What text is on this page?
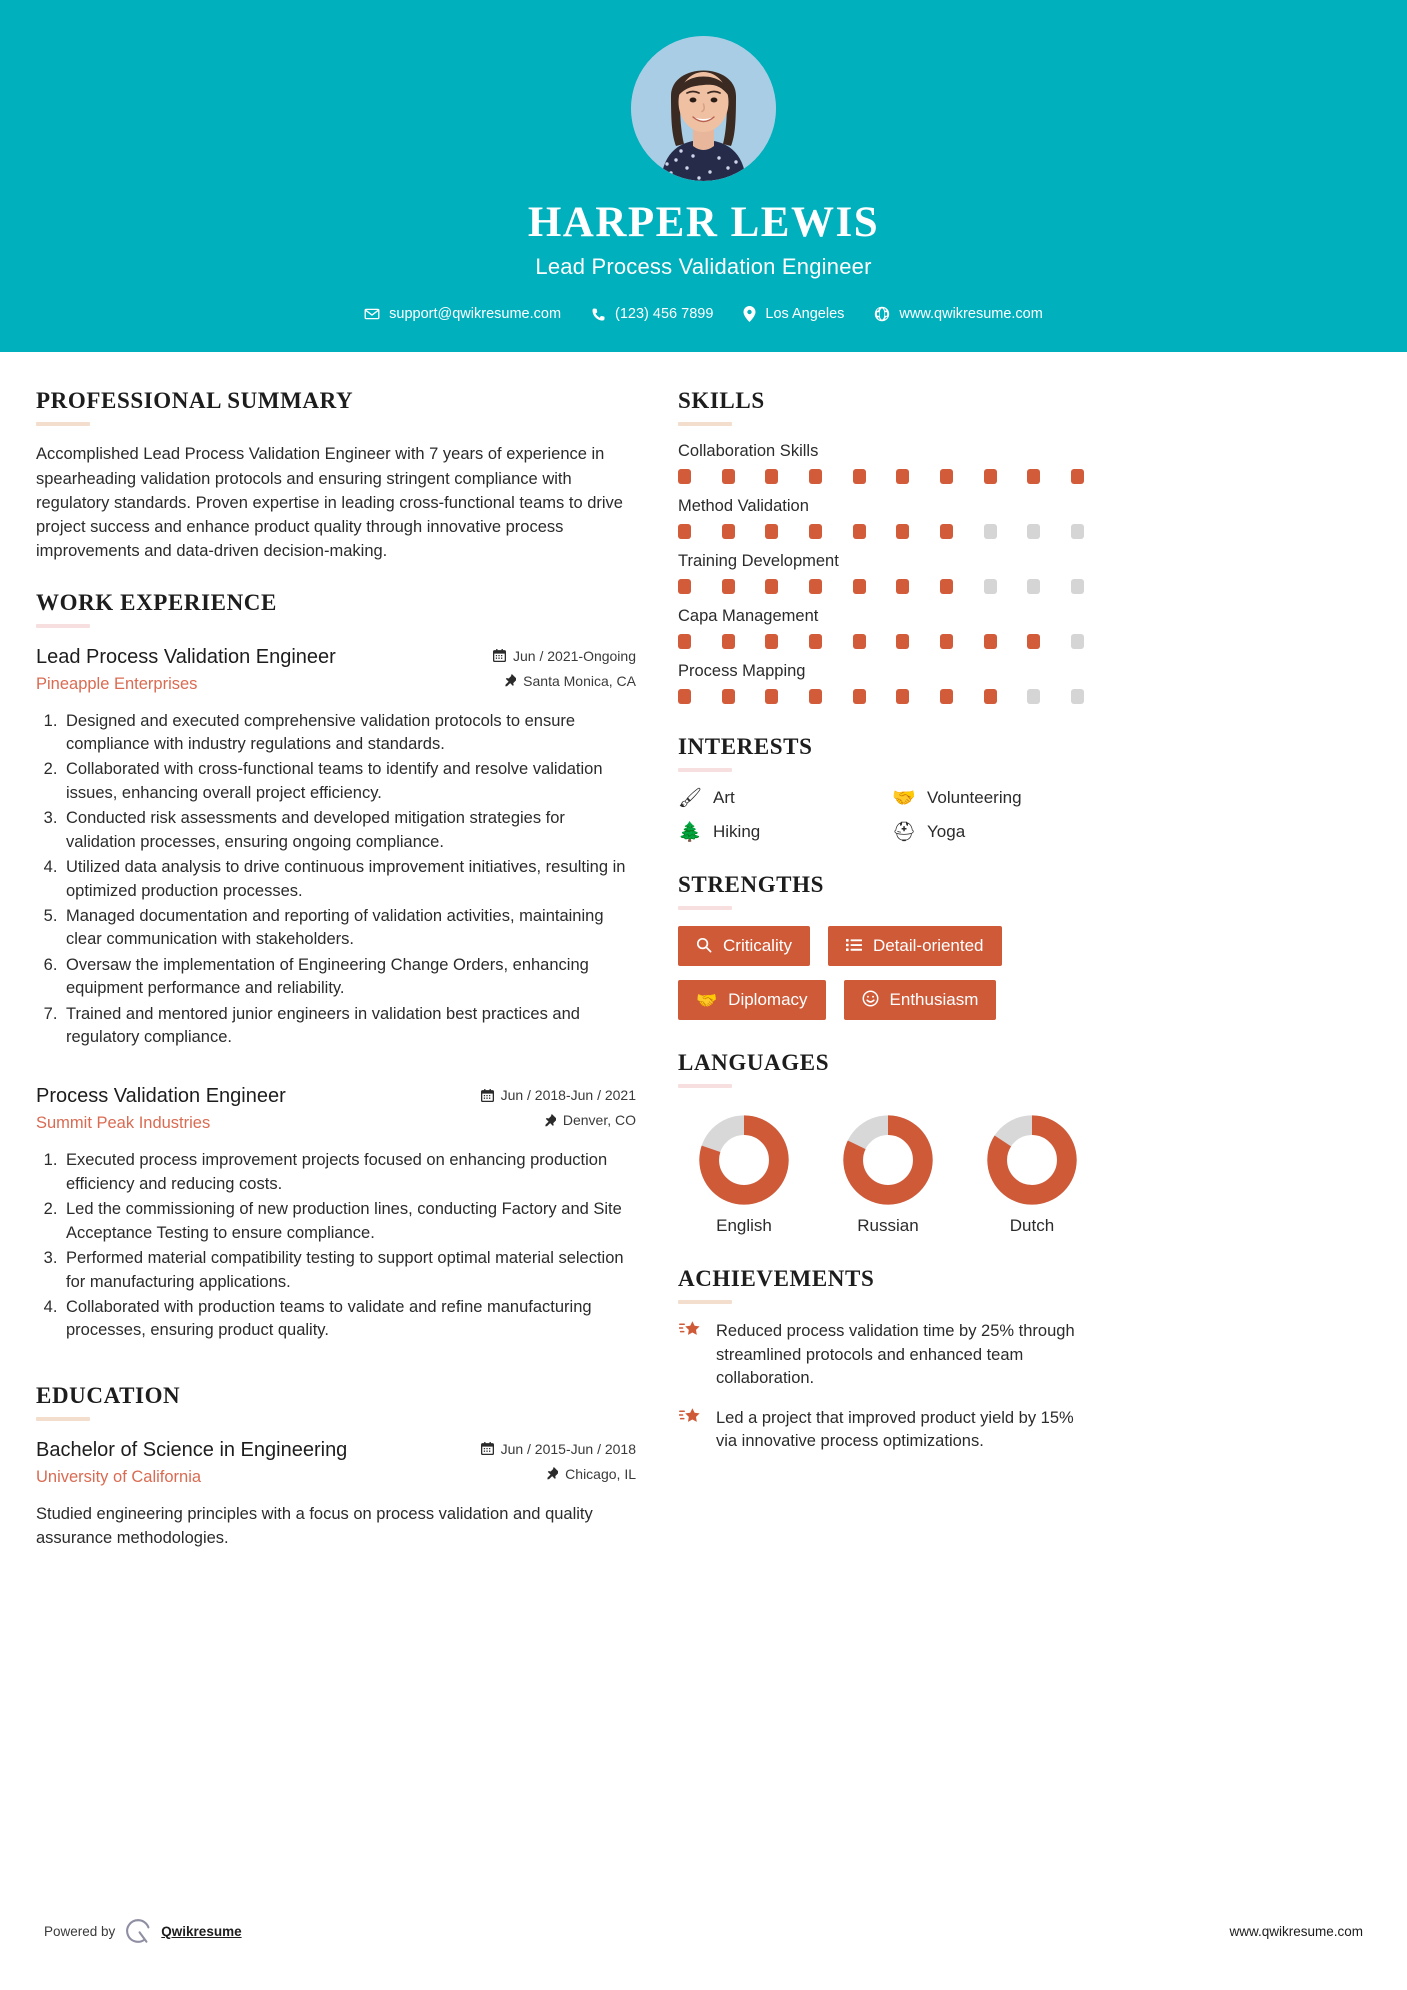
HARPER LEWIS
Lead Process Validation Engineer
support@qwikresume.com	(123) 456 7899	Los Angeles	www.qwikresume.com
PROFESSIONAL SUMMARY
Accomplished Lead Process Validation Engineer with 7 years of experience in spearheading validation protocols and ensuring stringent compliance with regulatory standards. Proven expertise in leading cross-functional teams to drive project success and enhance product quality through innovative process improvements and data-driven decision-making.
WORK EXPERIENCE
Lead Process Validation Engineer
Pineapple Enterprises
Jun / 2021-Ongoing
Santa Monica, CA
1. Designed and executed comprehensive validation protocols to ensure compliance with industry regulations and standards.
2. Collaborated with cross-functional teams to identify and resolve validation issues, enhancing overall project efficiency.
3. Conducted risk assessments and developed mitigation strategies for validation processes, ensuring ongoing compliance.
4. Utilized data analysis to drive continuous improvement initiatives, resulting in optimized production processes.
5. Managed documentation and reporting of validation activities, maintaining clear communication with stakeholders.
6. Oversaw the implementation of Engineering Change Orders, enhancing equipment performance and reliability.
7. Trained and mentored junior engineers in validation best practices and regulatory compliance.
Process Validation Engineer
Summit Peak Industries
Jun / 2018-Jun / 2021
Denver, CO
1. Executed process improvement projects focused on enhancing production efficiency and reducing costs.
2. Led the commissioning of new production lines, conducting Factory and Site Acceptance Testing to ensure compliance.
3. Performed material compatibility testing to support optimal material selection for manufacturing applications.
4. Collaborated with production teams to validate and refine manufacturing processes, ensuring product quality.
EDUCATION
Bachelor of Science in Engineering
University of California
Jun / 2015-Jun / 2018
Chicago, IL
Studied engineering principles with a focus on process validation and quality assurance methodologies.
SKILLS
Collaboration Skills
Method Validation
Training Development
Capa Management
Process Mapping
INTERESTS
🖌 Art	🤝 Volunteering
🌲 Hiking	⛑ Yoga
STRENGTHS
Criticality	Detail-oriented
🤝 Diplomacy	Enthusiasm
LANGUAGES
English	Russian	Dutch
ACHIEVEMENTS
Reduced process validation time by 25% through streamlined protocols and enhanced team collaboration.
Led a project that improved product yield by 15% via innovative process optimizations.
Powered by	Qwikresume	www.qwikresume.com
